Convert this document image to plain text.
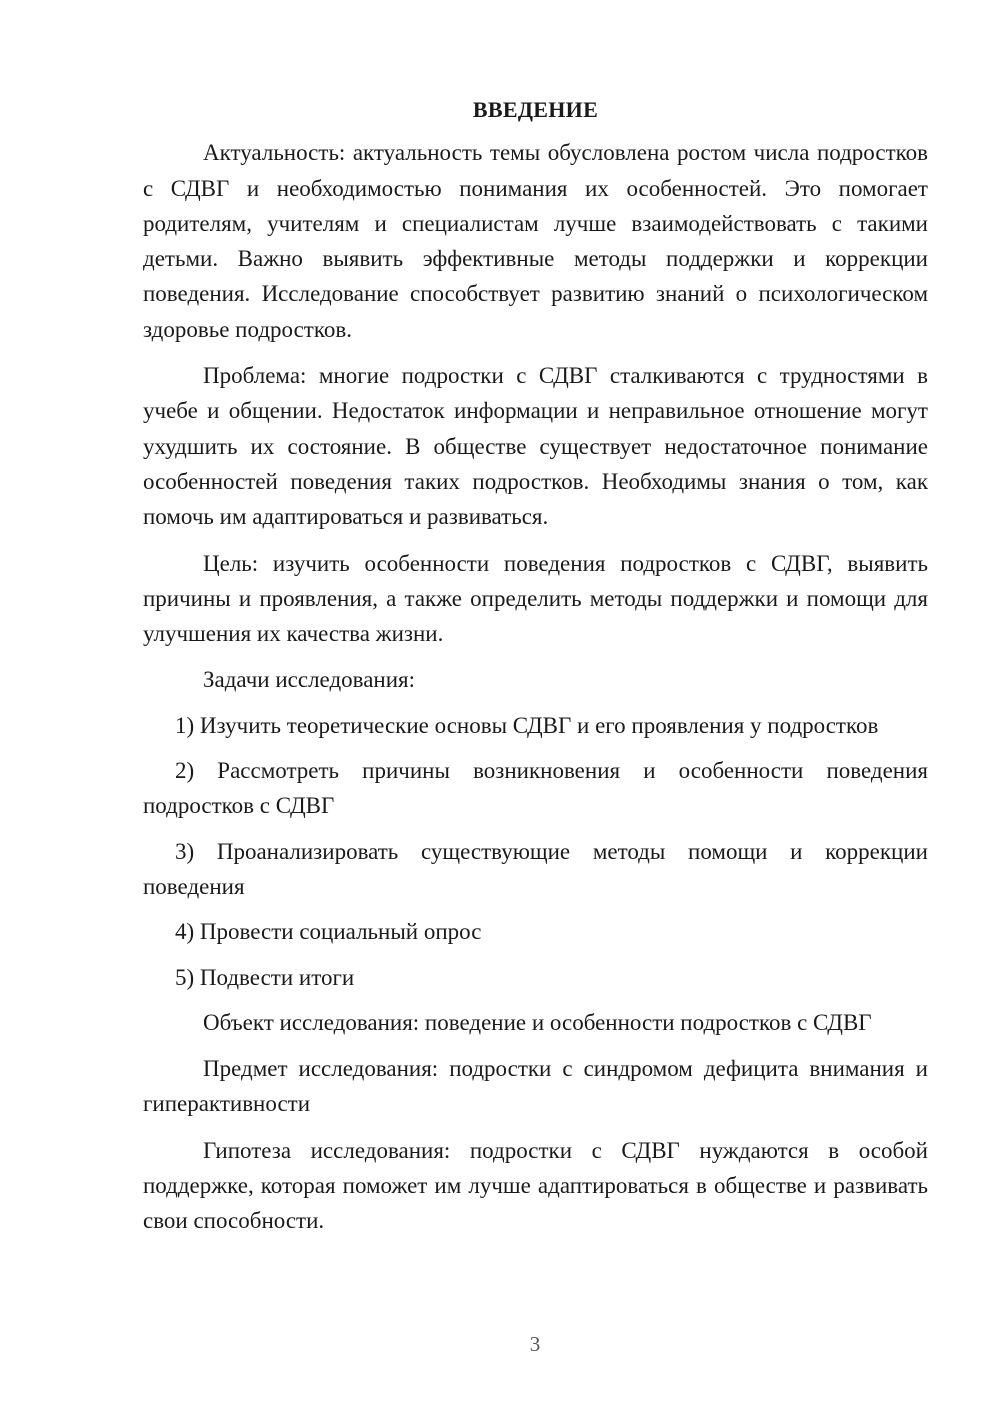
ВВЕДЕНИЕ

Актуальность: актуальность темы обусловлена ростом числа подростков с СДВГ и необходимостью понимания их особенностей. Это помогает родителям, учителям и специалистам лучше взаимодействовать с такими детьми. Важно выявить эффективные методы поддержки и коррекции поведения. Исследование способствует развитию знаний о психологическом здоровье подростков.

Проблема: многие подростки с СДВГ сталкиваются с трудностями в учебе и общении. Недостаток информации и неправильное отношение могут ухудшить их состояние. В обществе существует недостаточное понимание особенностей поведения таких подростков. Необходимы знания о том, как помочь им адаптироваться и развиваться.

Цель: изучить особенности поведения подростков с СДВГ, выявить причины и проявления, а также определить методы поддержки и помощи для улучшения их качества жизни.

Задачи исследования:

1) Изучить теоретические основы СДВГ и его проявления у подростков

2) Рассмотреть причины возникновения и особенности поведения подростков с СДВГ

3) Проанализировать существующие методы помощи и коррекции поведения

4) Провести социальный опрос

5) Подвести итоги

Объект исследования: поведение и особенности подростков с СДВГ

Предмет исследования: подростки с синдромом дефицита внимания и гиперактивности

Гипотеза исследования: подростки с СДВГ нуждаются в особой поддержке, которая поможет им лучше адаптироваться в обществе и развивать свои способности.

3
